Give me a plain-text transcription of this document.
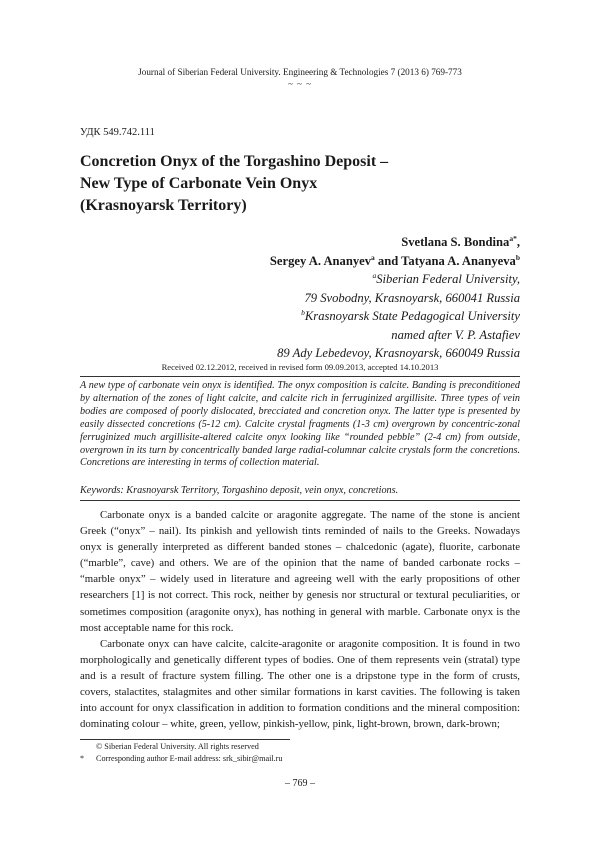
Journal of Siberian Federal University. Engineering & Technologies 7 (2013 6) 769-773
~ ~ ~
УДК 549.742.111
Concretion Onyx of the Torgashino Deposit –
New Type of Carbonate Vein Onyx
(Krasnoyarsk Territory)
Svetlana S. Bondina$^{a*}$,
Sergey A. Ananyev$^a$ and Tatyana A. Ananyeva$^b$
$^a$Siberian Federal University,
79 Svobodny, Krasnoyarsk, 660041 Russia
$^b$Krasnoyarsk State Pedagogical University
named after V. P. Astafiev
89 Ady Lebedevoy, Krasnoyarsk, 660049 Russia
Received 02.12.2012, received in revised form 09.09.2013, accepted 14.10.2013
A new type of carbonate vein onyx is identified. The onyx composition is calcite. Banding is preconditioned by alternation of the zones of light calcite, and calcite rich in ferruginized argillisite. Three types of vein bodies are composed of poorly dislocated, brecciated and concretion onyx. The latter type is presented by easily dissected concretions (5-12 cm). Calcite crystal fragments (1-3 cm) overgrown by concentric-zonal ferruginized much argillisite-altered calcite onyx looking like “rounded pebble” (2-4 cm) from outside, overgrown in its turn by concentrically banded large radial-columnar calcite crystals form the concretions. Concretions are interesting in terms of collection material.
Keywords: Krasnoyarsk Territory, Torgashino deposit, vein onyx, concretions.

Carbonate onyx is a banded calcite or aragonite aggregate. The name of the stone is ancient Greek (“onyx” – nail). Its pinkish and yellowish tints reminded of nails to the Greeks. Nowadays onyx is generally interpreted as different banded stones – chalcedonic (agate), fluorite, carbonate (“marble”, cave) and others. We are of the opinion that the name of banded carbonate rocks – “marble onyx” – widely used in literature and agreeing well with the early propositions of other researchers [1] is not correct. This rock, neither by genesis nor structural or textural peculiarities, or sometimes composition (aragonite onyx), has nothing in general with marble. Carbonate onyx is the most acceptable name for this rock.

Carbonate onyx can have calcite, calcite-aragonite or aragonite composition. It is found in two morphologically and genetically different types of bodies. One of them represents vein (stratal) type and is a result of fracture system filling. The other one is a dripstone type in the form of crusts, covers, stalactites, stalagmites and other similar formations in karst cavities. The following is taken into account for onyx classification in addition to formation conditions and the mineral composition: dominating colour – white, green, yellow, pinkish-yellow, pink, light-brown, brown, dark-brown;

© Siberian Federal University. All rights reserved
*	Corresponding author E-mail address: srk_sibir@mail.ru
– 769 –
